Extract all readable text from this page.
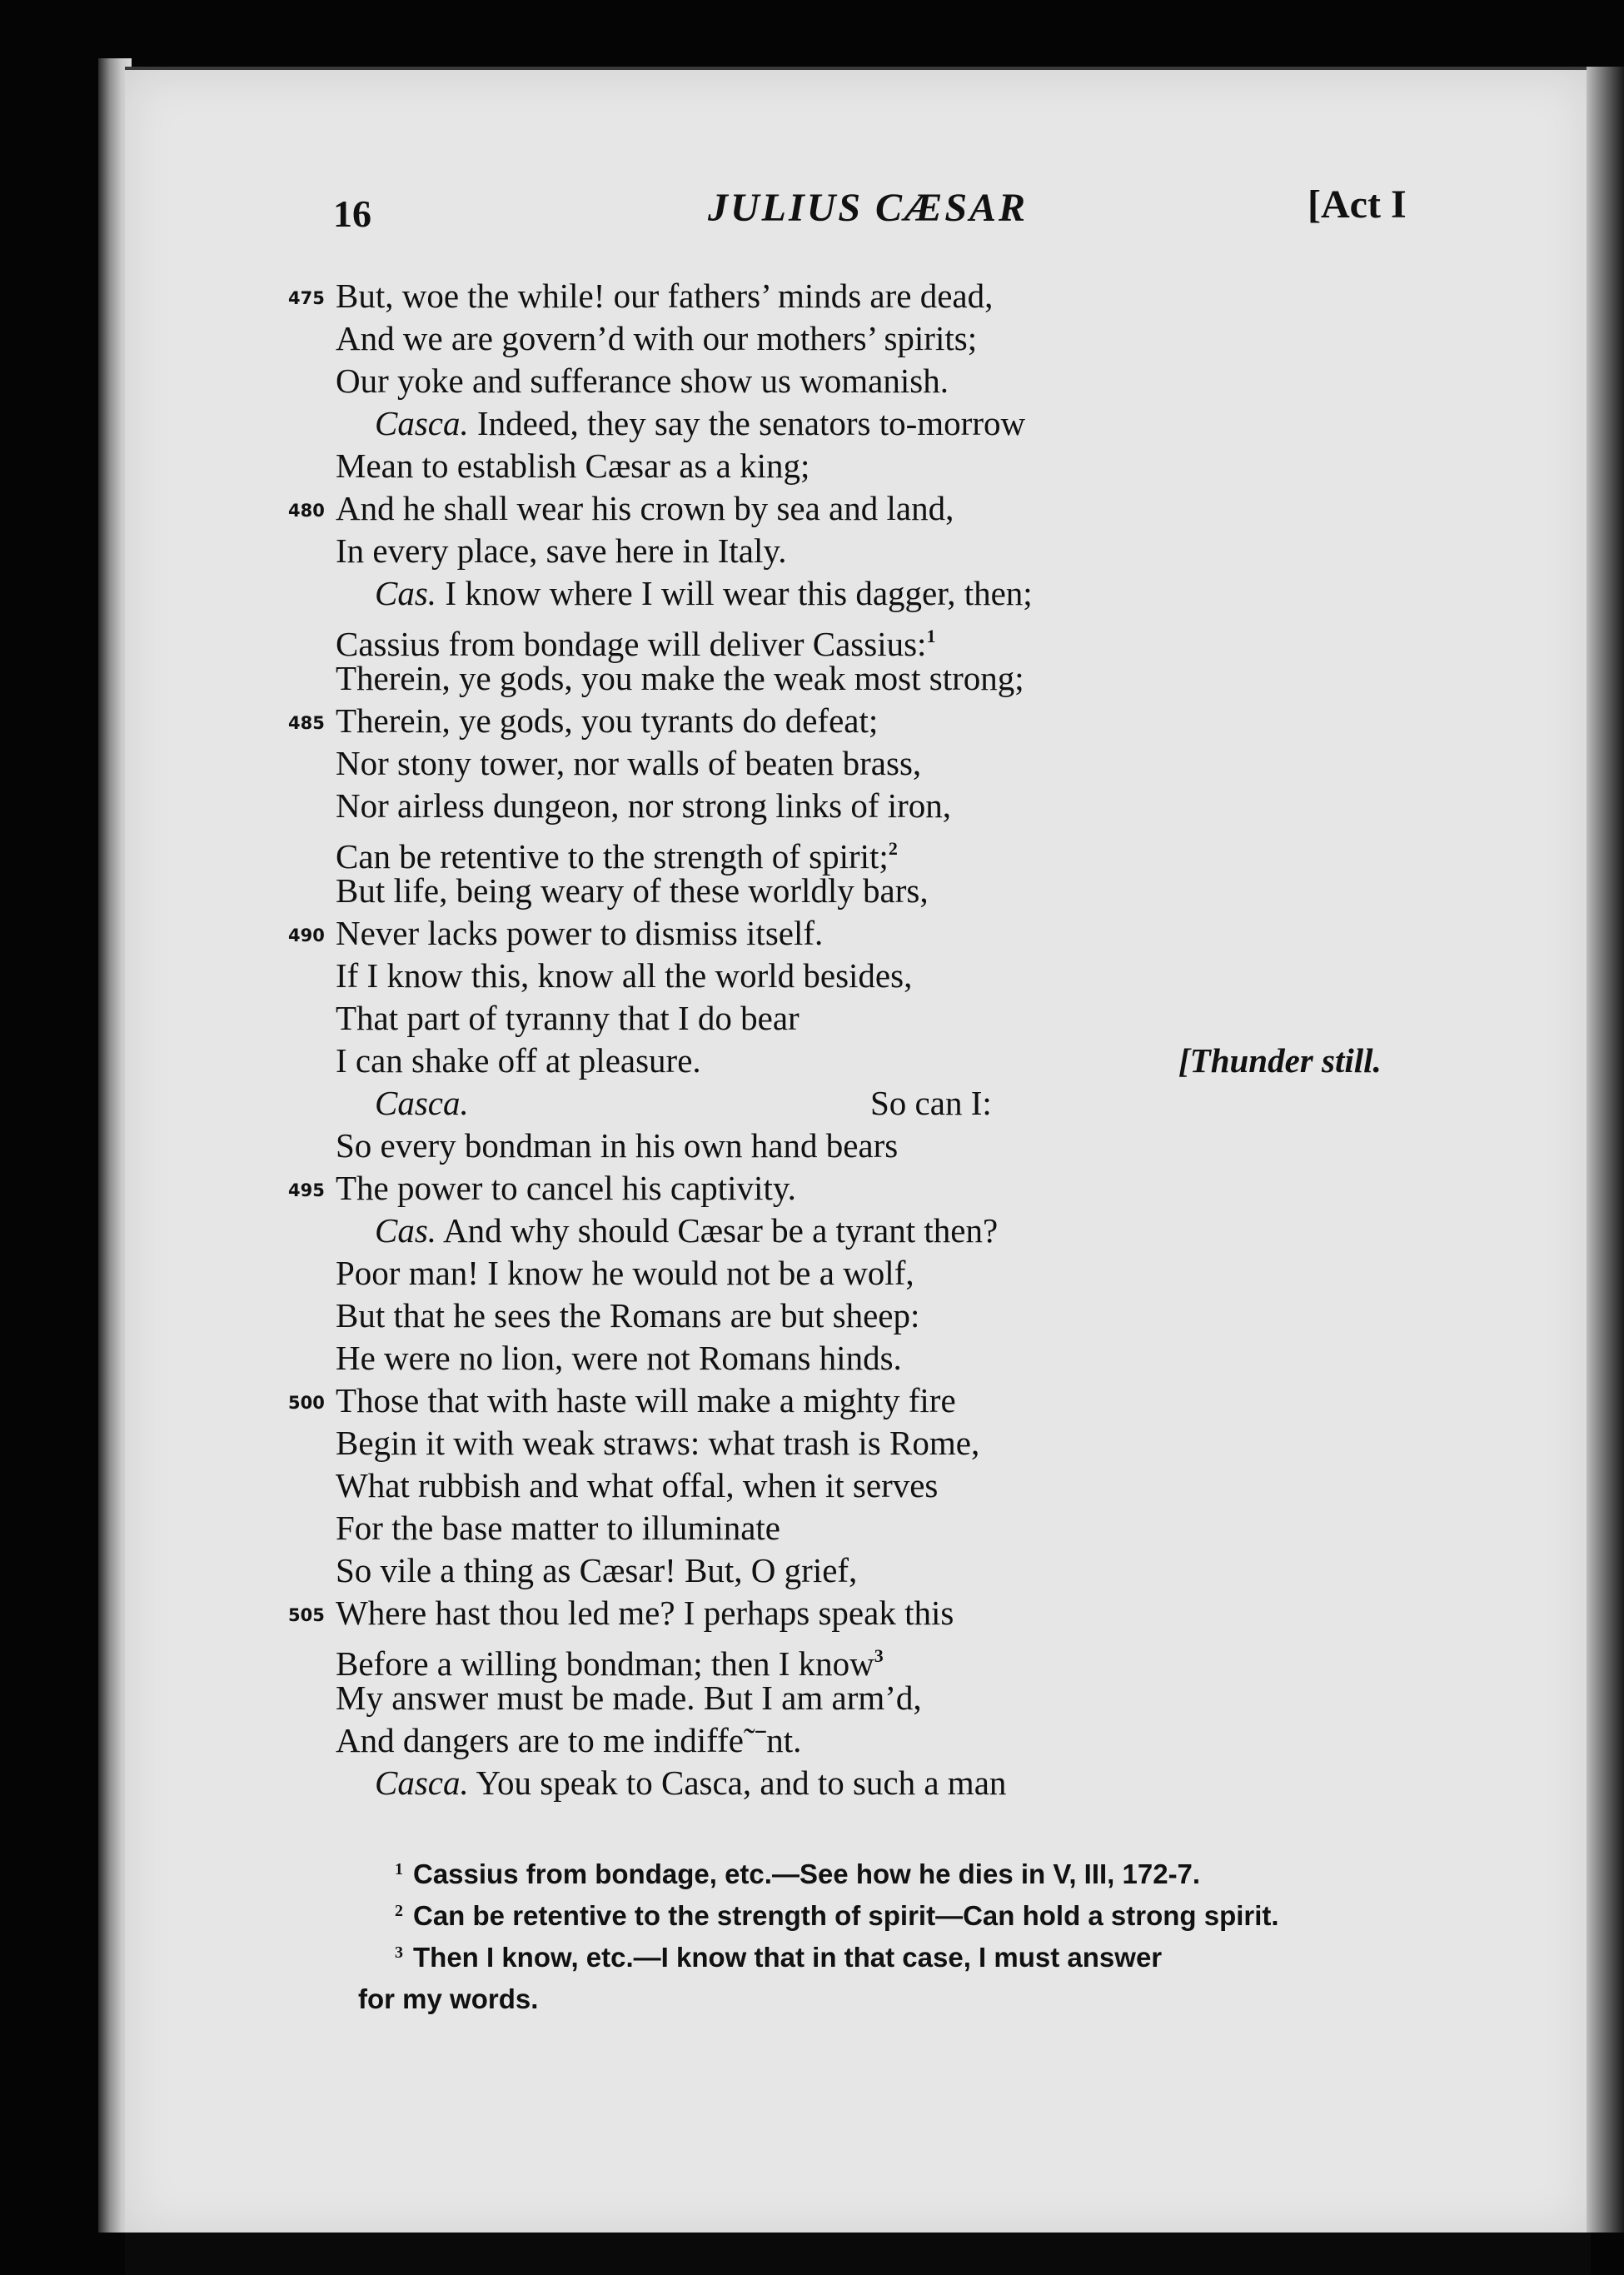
16	JULIUS CÆSAR	[Act I
475 But, woe the while! our fathers’ minds are dead,
And we are govern’d with our mothers’ spirits;
Our yoke and sufferance show us womanish.
Casca. Indeed, they say the senators to-morrow
Mean to establish Cæsar as a king;
480 And he shall wear his crown by sea and land,
In every place, save here in Italy.
Cas. I know where I will wear this dagger, then;
Cassius from bondage will deliver Cassius:$^1$
Therein, ye gods, you make the weak most strong;
485 Therein, ye gods, you tyrants do defeat;
Nor stony tower, nor walls of beaten brass,
Nor airless dungeon, nor strong links of iron,
Can be retentive to the strength of spirit;$^2$
But life, being weary of these worldly bars,
490 Never lacks power to dismiss itself.
If I know this, know all the world besides,
That part of tyranny that I do bear
I can shake off at pleasure.	[Thunder still.
Casca.	So can I:
So every bondman in his own hand bears
495 The power to cancel his captivity.
Cas. And why should Cæsar be a tyrant then?
Poor man! I know he would not be a wolf,
But that he sees the Romans are but sheep:
He were no lion, were not Romans hinds.
500 Those that with haste will make a mighty fire
Begin it with weak straws: what trash is Rome,
What rubbish and what offal, when it serves
For the base matter to illuminate
So vile a thing as Cæsar! But, O grief,
505 Where hast thou led me? I perhaps speak this
Before a willing bondman; then I know$^3$
My answer must be made. But I am arm’d,
And dangers are to me indiffe˜ˉnt.
Casca. You speak to Casca, and to such a man
1 Cassius from bondage, etc.—See how he dies in V, III, 172-7.
2 Can be retentive to the strength of spirit—Can hold a strong spirit.
3 Then I know, etc.—I know that in that case, I must answer
for my words.
